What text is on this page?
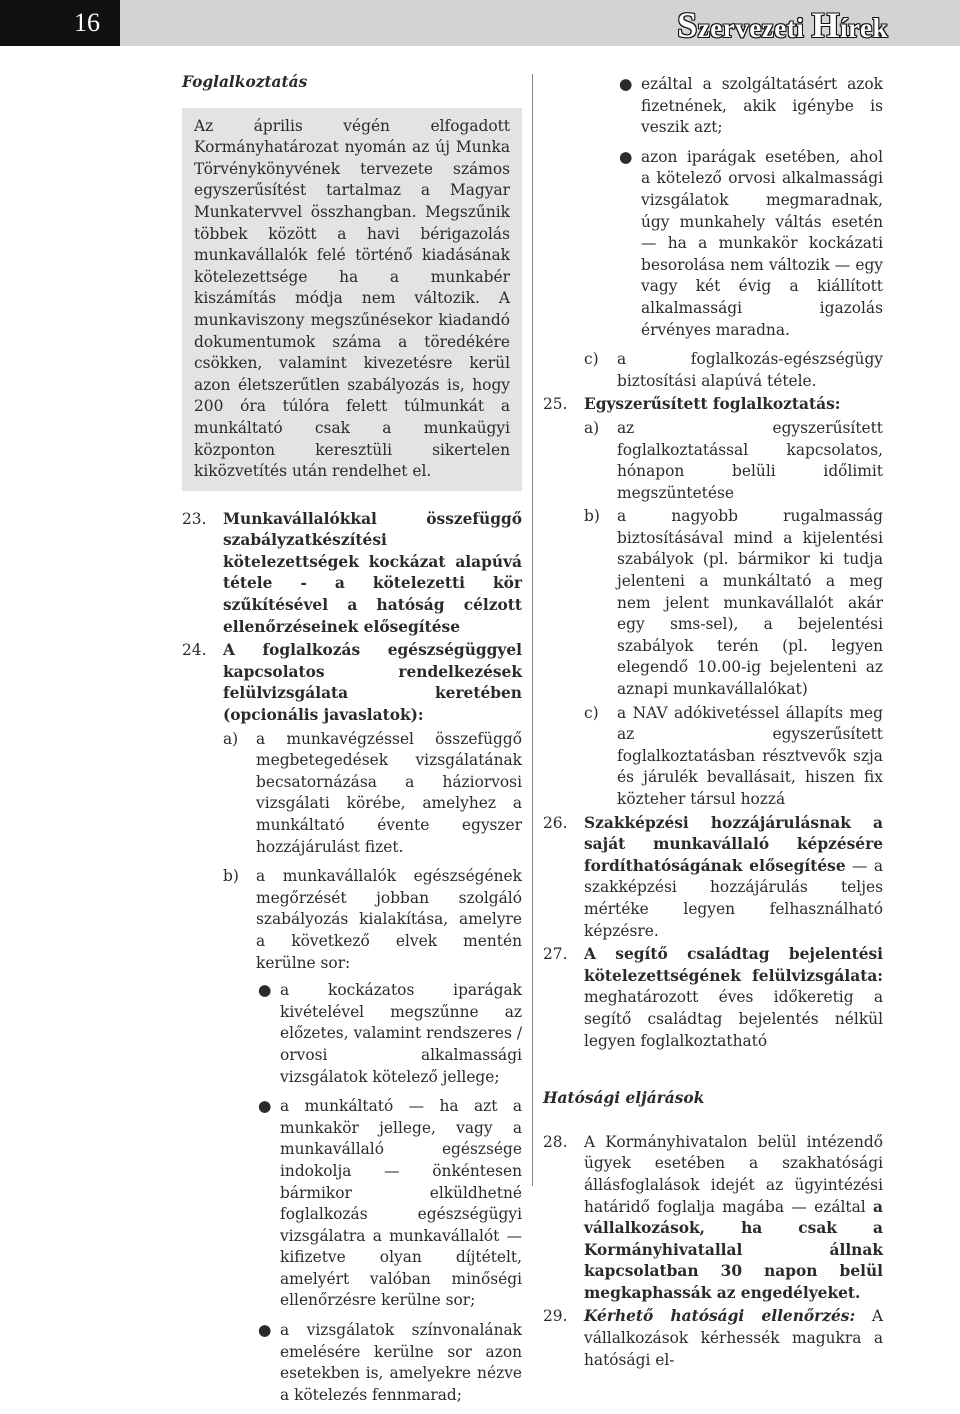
16	Szervezeti Hírek
Foglalkoztatás
Az április végén elfogadott Kormányhatározat nyomán az új Munka Törvénykönyvének tervezete számos egyszerűsítést tartalmaz a Magyar Munkatervvel összhangban. Megszűnik többek között a havi bérigazolás munkavállalók felé történő kiadásának kötelezettsége ha a munkabér kiszámítás módja nem változik. A munkaviszony megszűnésekor kiadandó dokumentumok száma a töredékére csökken, valamint kivezetésre kerül azon életszerűtlen szabályozás is, hogy 200 óra túlóra felett túlmunkát a munkáltató csak a munkaügyi központon keresztüli sikertelen kiközvetítés után rendelhet el.
23. Munkavállalókkal összefüggő szabályzatkészítési kötelezettségek kockázat alapúvá tétele - a kötelezetti kör szűkítésével a hatóság célzott ellenőrzéseinek elősegítése
24. A foglalkozás egészségüggyel kapcsolatos rendelkezések felülvizsgálata keretében (opcionális javaslatok):
a) a munkavégzéssel összefüggő megbetegedések vizsgálatának becsatornázása a háziorvosi vizsgálati körébe, amelyhez a munkáltató évente egyszer hozzájárulást fizet.
b) a munkavállalók egészségének megőrzését jobban szolgáló szabályozás kialakítása, amelyre a következő elvek mentén kerülne sor:
● a kockázatos iparágak kivételével megszűnne az előzetes, valamint rendszeres / orvosi alkalmassági vizsgálatok kötelező jellege;
● a munkáltató — ha azt a munkakör jellege, vagy a munkavállaló egészsége indokolja — önkéntesen bármikor elküldhetné foglalkozás egészségügyi vizsgálatra a munkavállalót — kifizetve olyan díjtételt, amelyért valóban minőségi ellenőrzésre kerülne sor;
● a vizsgálatok színvonalának emelésére kerülne sor azon esetekben is, amelyekre nézve a kötelezés fennmarad;
● ezáltal a szolgáltatásért azok fizetnének, akik igénybe is veszik azt;
● azon iparágak esetében, ahol a kötelező orvosi alkalmassági vizsgálatok megmaradnak, úgy munkahely váltás esetén — ha a munkakör kockázati besorolása nem változik — egy vagy két évig a kiállított alkalmassági igazolás érvényes maradna.
c) a foglalkozás-egészségügy biztosítási alapúvá tétele.
25. Egyszerűsített foglalkoztatás:
a) az egyszerűsített foglalkoztatással kapcsolatos, hónapon belüli időlimit megszüntetése
b) a nagyobb rugalmasság biztosításával mind a kijelentési szabályok (pl. bármikor ki tudja jelenteni a munkáltató a meg nem jelent munkavállalót akár egy sms-sel), a bejelentési szabályok terén (pl. legyen elegendő 10.00-ig bejelenteni az aznapi munkavállalókat)
c) a NAV adókivetéssel állapíts meg az egyszerűsített foglalkoztatásban résztvevők szja és járulék bevallásait, hiszen fix közteher társul hozzá
26. Szakképzési hozzájárulásnak a saját munkavállaló képzésére fordíthatóságának elősegítése — a szakképzési hozzájárulás teljes mértéke legyen felhasználható képzésre.
27. A segítő családtag bejelentési kötelezettségének felülvizsgálata: meghatározott éves időkeretig a segítő családtag bejelentés nélkül legyen foglalkoztatható
Hatósági eljárások
28. A Kormányhivatalon belül intézendő ügyek esetében a szakhatósági állásfoglalások idejét az ügyintézési határidő foglalja magába — ezáltal a vállalkozások, ha csak a Kormányhivatallal állnak kapcsolatban 30 napon belül megkaphassák az engedélyeket.
29. Kérhető hatósági ellenőrzés: A vállalkozások kérhessék magukra a hatósági el-
